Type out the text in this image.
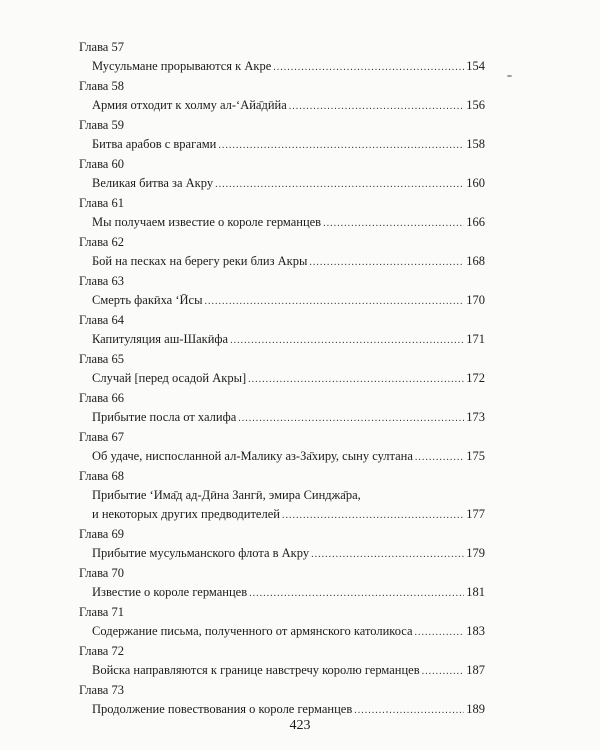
Глава 57
Мусульмане прорываются к Акре .....	154
Глава 58
Армия отходит к холму ал-‘Айа̄дӣйа .....	156
Глава 59
Битва арабов с врагами .....	158
Глава 60
Великая битва за Акру .....	160
Глава 61
Мы получаем известие о короле германцев .....	166
Глава 62
Бой на песках на берегу реки близ Акры .....	168
Глава 63
Смерть факӣха ‘Ӣсы .....	170
Глава 64
Капитуляция аш-Шакӣфа .....	171
Глава 65
Случай [перед осадой Акры] .....	172
Глава 66
Прибытие посла от халифа .....	173
Глава 67
Об удаче, ниспосланной ал-Малику аз-За̄хиру, сыну султана .....	175
Глава 68
Прибытие ‘Има̄д ад-Дӣна Зангӣ, эмира Синджа̄ра,
и некоторых других предводителей .....	177
Глава 69
Прибытие мусульманского флота в Акру .....	179
Глава 70
Известие о короле германцев .....	181
Глава 71
Содержание письма, полученного от армянского католикоса .....	183
Глава 72
Войска направляются к границе навстречу королю германцев .....	187
Глава 73
Продолжение повествования о короле германцев .....	189
423
